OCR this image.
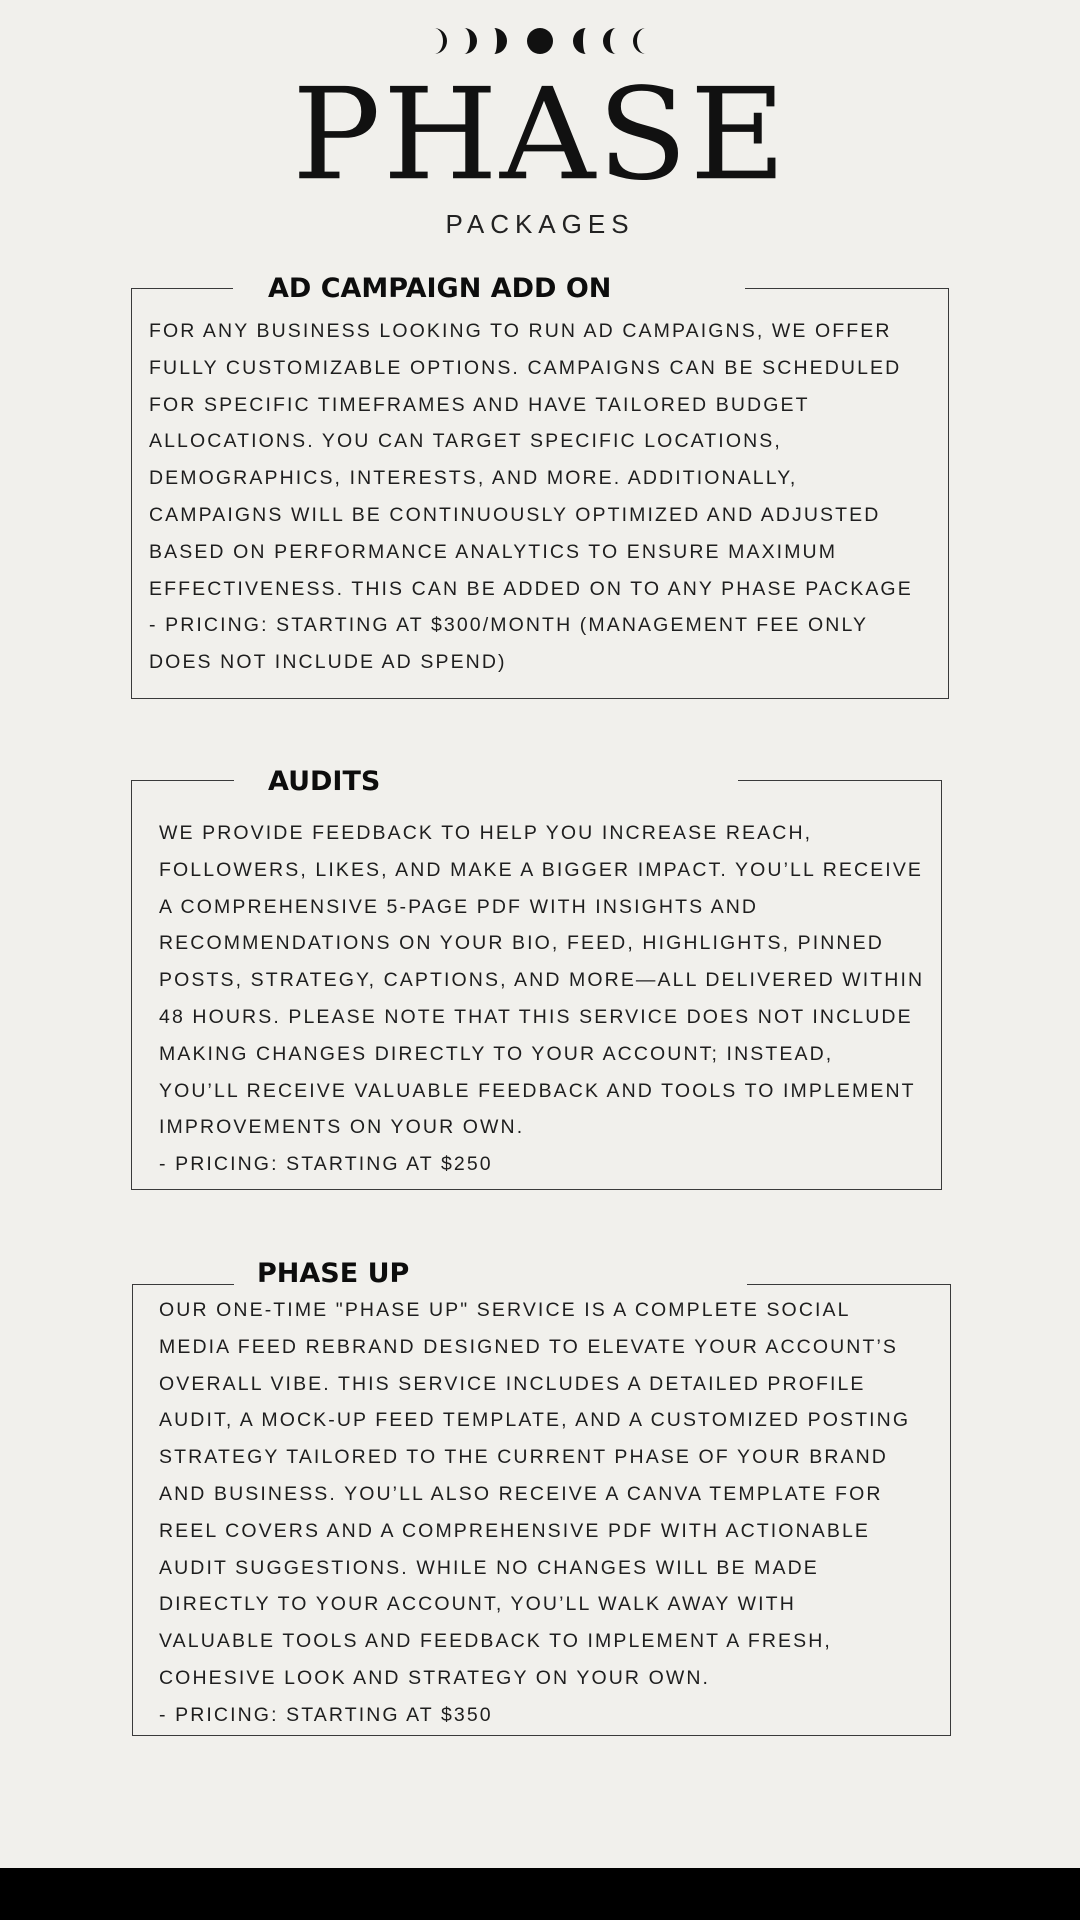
PHASE
PACKAGES
AD CAMPAIGN ADD ON
FOR ANY BUSINESS LOOKING TO RUN AD CAMPAIGNS, WE OFFER
FULLY CUSTOMIZABLE OPTIONS. CAMPAIGNS CAN BE SCHEDULED
FOR SPECIFIC TIMEFRAMES AND HAVE TAILORED BUDGET
ALLOCATIONS. YOU CAN TARGET SPECIFIC LOCATIONS,
DEMOGRAPHICS, INTERESTS, AND MORE. ADDITIONALLY,
CAMPAIGNS WILL BE CONTINUOUSLY OPTIMIZED AND ADJUSTED
BASED ON PERFORMANCE ANALYTICS TO ENSURE MAXIMUM
EFFECTIVENESS. THIS CAN BE ADDED ON TO ANY PHASE PACKAGE
- PRICING: STARTING AT $300/MONTH (MANAGEMENT FEE ONLY
DOES NOT INCLUDE AD SPEND)
AUDITS
WE PROVIDE FEEDBACK TO HELP YOU INCREASE REACH,
FOLLOWERS, LIKES, AND MAKE A BIGGER IMPACT. YOU’LL RECEIVE
A COMPREHENSIVE 5-PAGE PDF WITH INSIGHTS AND
RECOMMENDATIONS ON YOUR BIO, FEED, HIGHLIGHTS, PINNED
POSTS, STRATEGY, CAPTIONS, AND MORE—ALL DELIVERED WITHIN
48 HOURS. PLEASE NOTE THAT THIS SERVICE DOES NOT INCLUDE
MAKING CHANGES DIRECTLY TO YOUR ACCOUNT; INSTEAD,
YOU’LL RECEIVE VALUABLE FEEDBACK AND TOOLS TO IMPLEMENT
IMPROVEMENTS ON YOUR OWN.
- PRICING: STARTING AT $250
PHASE UP
OUR ONE-TIME "PHASE UP" SERVICE IS A COMPLETE SOCIAL
MEDIA FEED REBRAND DESIGNED TO ELEVATE YOUR ACCOUNT’S
OVERALL VIBE. THIS SERVICE INCLUDES A DETAILED PROFILE
AUDIT, A MOCK-UP FEED TEMPLATE, AND A CUSTOMIZED POSTING
STRATEGY TAILORED TO THE CURRENT PHASE OF YOUR BRAND
AND BUSINESS. YOU’LL ALSO RECEIVE A CANVA TEMPLATE FOR
REEL COVERS AND A COMPREHENSIVE PDF WITH ACTIONABLE
AUDIT SUGGESTIONS. WHILE NO CHANGES WILL BE MADE
DIRECTLY TO YOUR ACCOUNT, YOU’LL WALK AWAY WITH
VALUABLE TOOLS AND FEEDBACK TO IMPLEMENT A FRESH,
COHESIVE LOOK AND STRATEGY ON YOUR OWN.
- PRICING: STARTING AT $350
